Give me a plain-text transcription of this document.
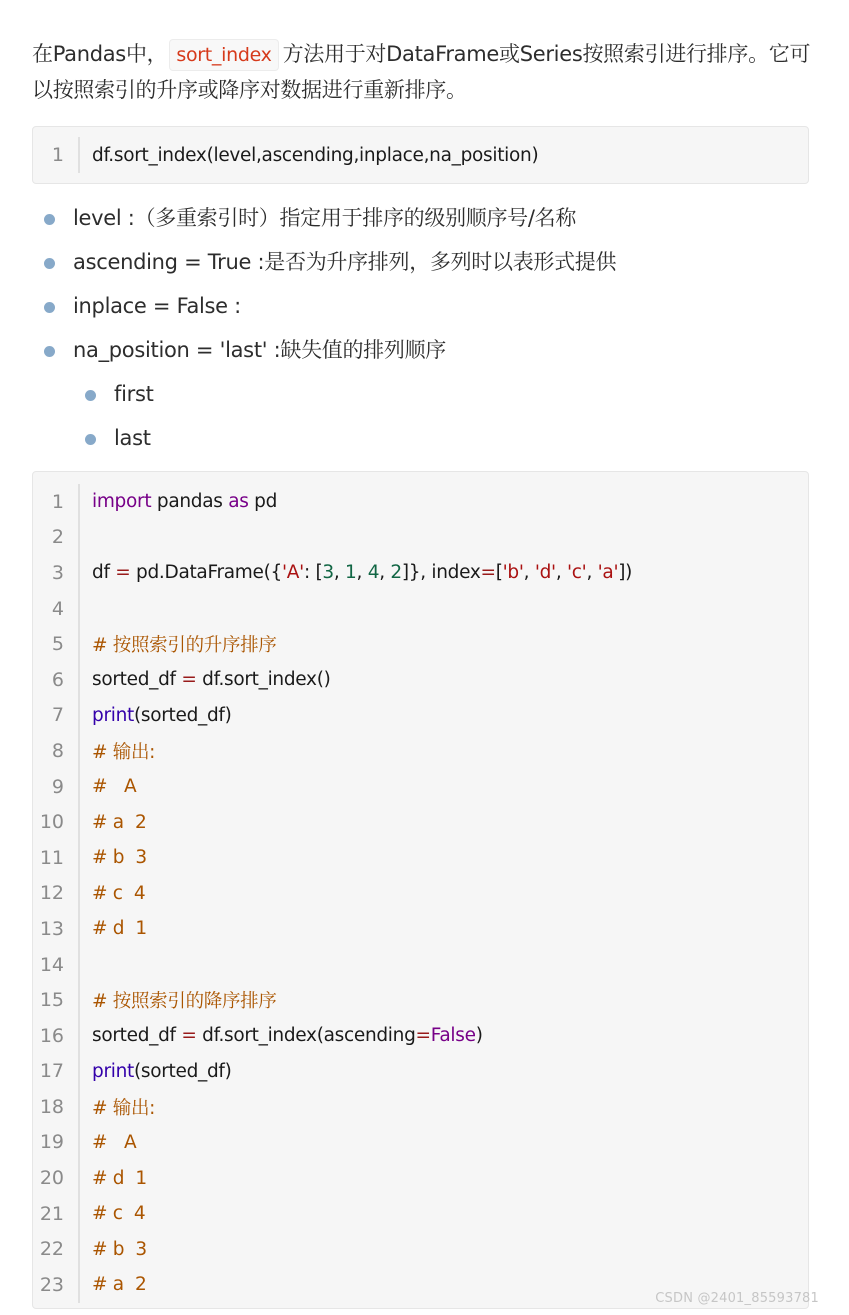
在Pandas中， sort_index 方法用于对DataFrame或Series按照索引进行排序。它可以按照索引的升序或降序对数据进行重新排序。
1	df.sort_index(level,ascending,inplace,na_position)
level :（多重索引时）指定用于排序的级别顺序号/名称
ascending = True :是否为升序排列，多列时以表形式提供
inplace = False :
na_position = 'last' :缺失值的排列顺序
first
last
1	import pandas as pd
2
3	df = pd.DataFrame({'A': [3, 1, 4, 2]}, index=['b', 'd', 'c', 'a'])
4
5	# 按照索引的升序排序
6	sorted_df = df.sort_index()
7	print(sorted_df)
8	# 输出:
9	#   A
10	# a  2
11	# b  3
12	# c  4
13	# d  1
14
15	# 按照索引的降序排序
16	sorted_df = df.sort_index(ascending=False)
17	print(sorted_df)
18	# 输出:
19	#   A
20	# d  1
21	# c  4
22	# b  3
23	# a  2
CSDN @2401_85593781
